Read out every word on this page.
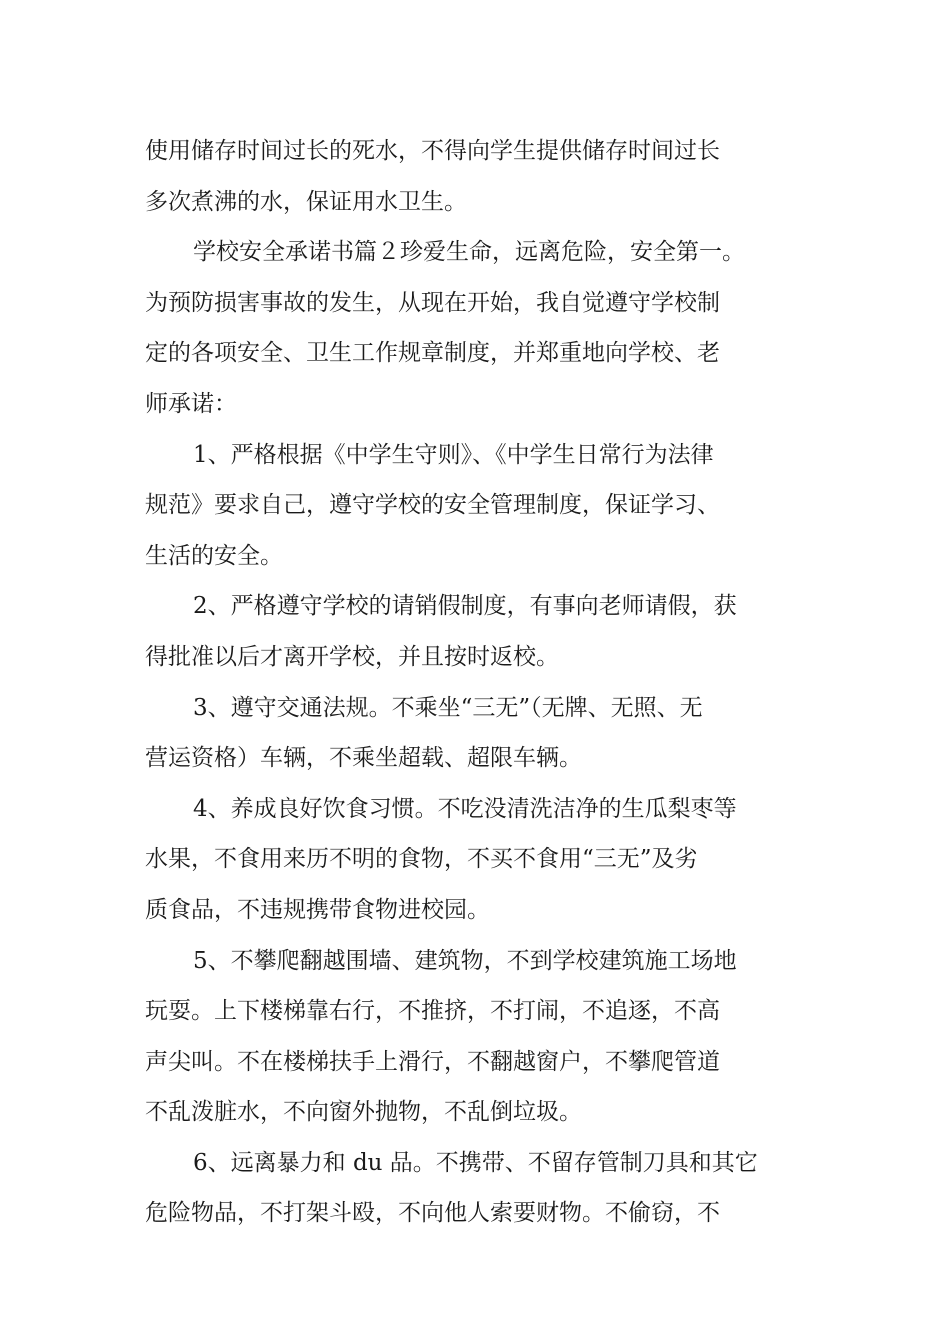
使用储存时间过长的死水，不得向学生提供储存时间过长
多次煮沸的水，保证用水卫生。
学校安全承诺书篇２珍爱生命，远离危险，安全第一。
为预防损害事故的发生，从现在开始，我自觉遵守学校制
定的各项安全、卫生工作规章制度，并郑重地向学校、老
师承诺：
1、严格根据《中学生守则》、《中学生日常行为法律
规范》要求自己，遵守学校的安全管理制度，保证学习、
生活的安全。
2、严格遵守学校的请销假制度，有事向老师请假，获
得批准以后才离开学校，并且按时返校。
3、遵守交通法规。不乘坐“三无”（无牌、无照、无
营运资格）车辆，不乘坐超载、超限车辆。
4、养成良好饮食习惯。不吃没清洗洁净的生瓜梨枣等
水果，不食用来历不明的食物，不买不食用“三无”及劣
质食品，不违规携带食物进校园。
5、不攀爬翻越围墙、建筑物，不到学校建筑施工场地
玩耍。上下楼梯靠右行，不推挤，不打闹，不追逐，不高
声尖叫。不在楼梯扶手上滑行，不翻越窗户，不攀爬管道
不乱泼脏水，不向窗外抛物，不乱倒垃圾。
6、远离暴力和 du 品。不携带、不留存管制刀具和其它
危险物品，不打架斗殴，不向他人索要财物。不偷窃，不
